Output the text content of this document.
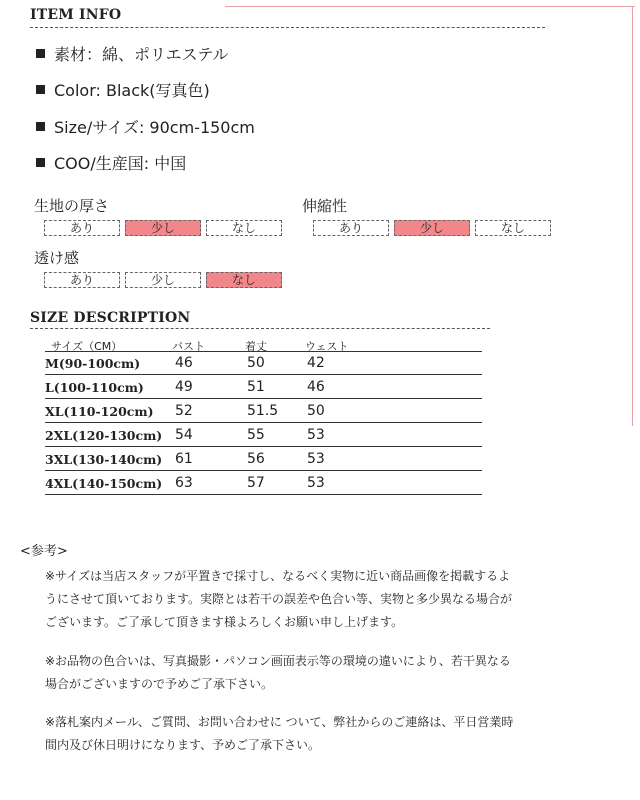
ITEM INFO
素材：綿、ポリエステル
Color: Black(写真色)
Size/サイズ: 90cm-150cm
COO/生産国: 中国
生地の厚さ
あり	少し	なし
伸縮性
あり	少し	なし
透け感
あり	少し	なし
SIZE DESCRIPTION
サイズ（CM）	バスト	着丈	ウェスト
M(90-100cm) 46	50	42
L(100-110cm) 49	51	46
XL(110-120cm) 52	51.5 50
2XL(120-130cm) 54	55	53
3XL(130-140cm) 61	56	53
4XL(140-150cm) 63	57	53
<参考>
※サイズは当店スタッフが平置きで採寸し、なるべく実物に近い商品画像を掲載するよ
うにさせて頂いております。実際とは若干の誤差や色合い等、実物と多少異なる場合が
ございます。ご了承して頂きます様よろしくお願い申し上げます。
※お品物の色合いは、写真撮影・パソコン画面表示等の環境の違いにより、若干異なる
場合がございますので予めご了承下さい。
※落札案内メール、ご質問、お問い合わせに ついて、弊社からのご連絡は、平日営業時
間内及び休日明けになります、予めご了承下さい。
